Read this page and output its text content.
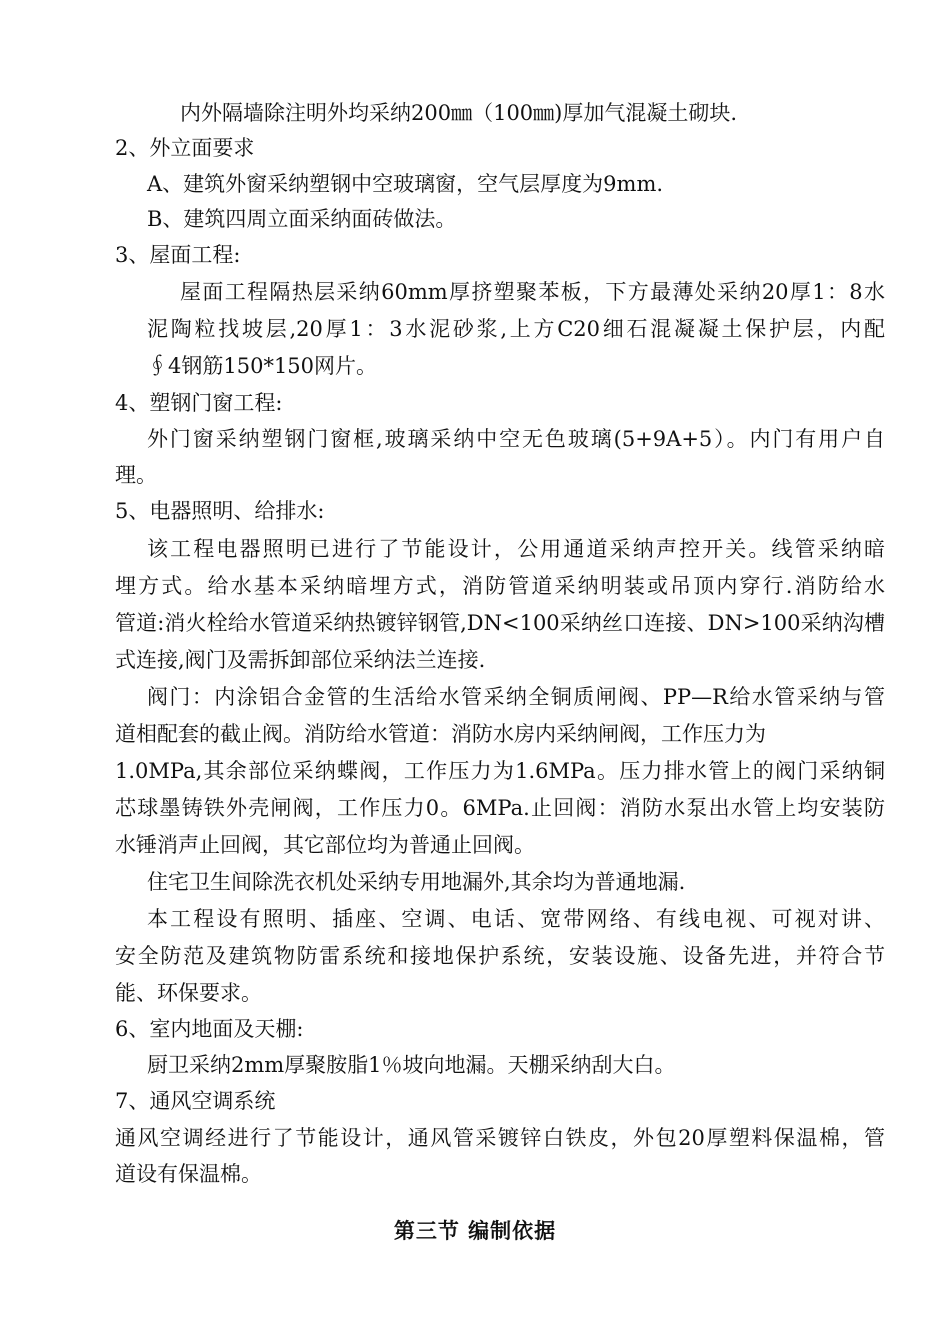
内外隔墙除注明外均采纳200㎜（100㎜)厚加气混凝土砌块.
2、外立面要求
A、建筑外窗采纳塑钢中空玻璃窗，空气层厚度为9mm.
B、建筑四周立面采纳面砖做法。
3、屋面工程:
屋面工程隔热层采纳60mm厚挤塑聚苯板，下方最薄处采纳20厚1：8水
泥陶粒找坡层,20厚1：3水泥砂浆,上方C20细石混凝凝土保护层，内配
∮4钢筋150*150网片。
4、塑钢门窗工程:
外门窗采纳塑钢门窗框,玻璃采纳中空无色玻璃(5+9A+5）。内门有用户自
理。
5、电器照明、给排水:
该工程电器照明已进行了节能设计，公用通道采纳声控开关。线管采纳暗
埋方式。给水基本采纳暗埋方式，消防管道采纳明装或吊顶内穿行.消防给水
管道:消火栓给水管道采纳热镀锌钢管,DN<100采纳丝口连接、DN>100采纳沟槽
式连接,阀门及需拆卸部位采纳法兰连接.
阀门：内涂铝合金管的生活给水管采纳全铜质闸阀、PP—R给水管采纳与管
道相配套的截止阀。消防给水管道：消防水房内采纳闸阀，工作压力为
1.0MPa,其余部位采纳蝶阀，工作压力为1.6MPa。压力排水管上的阀门采纳铜
芯球墨铸铁外壳闸阀，工作压力0。6MPa.止回阀：消防水泵出水管上均安装防
水锤消声止回阀，其它部位均为普通止回阀。
住宅卫生间除洗衣机处采纳专用地漏外,其余均为普通地漏.
本工程设有照明、插座、空调、电话、宽带网络、有线电视、可视对讲、
安全防范及建筑物防雷系统和接地保护系统，安装设施、设备先进，并符合节
能、环保要求。
6、室内地面及天棚:
厨卫采纳2mm厚聚胺脂1％坡向地漏。天棚采纳刮大白。
7、通风空调系统
通风空调经进行了节能设计，通风管采镀锌白铁皮，外包20厚塑料保温棉，管
道设有保温棉。
第三节 编制依据
